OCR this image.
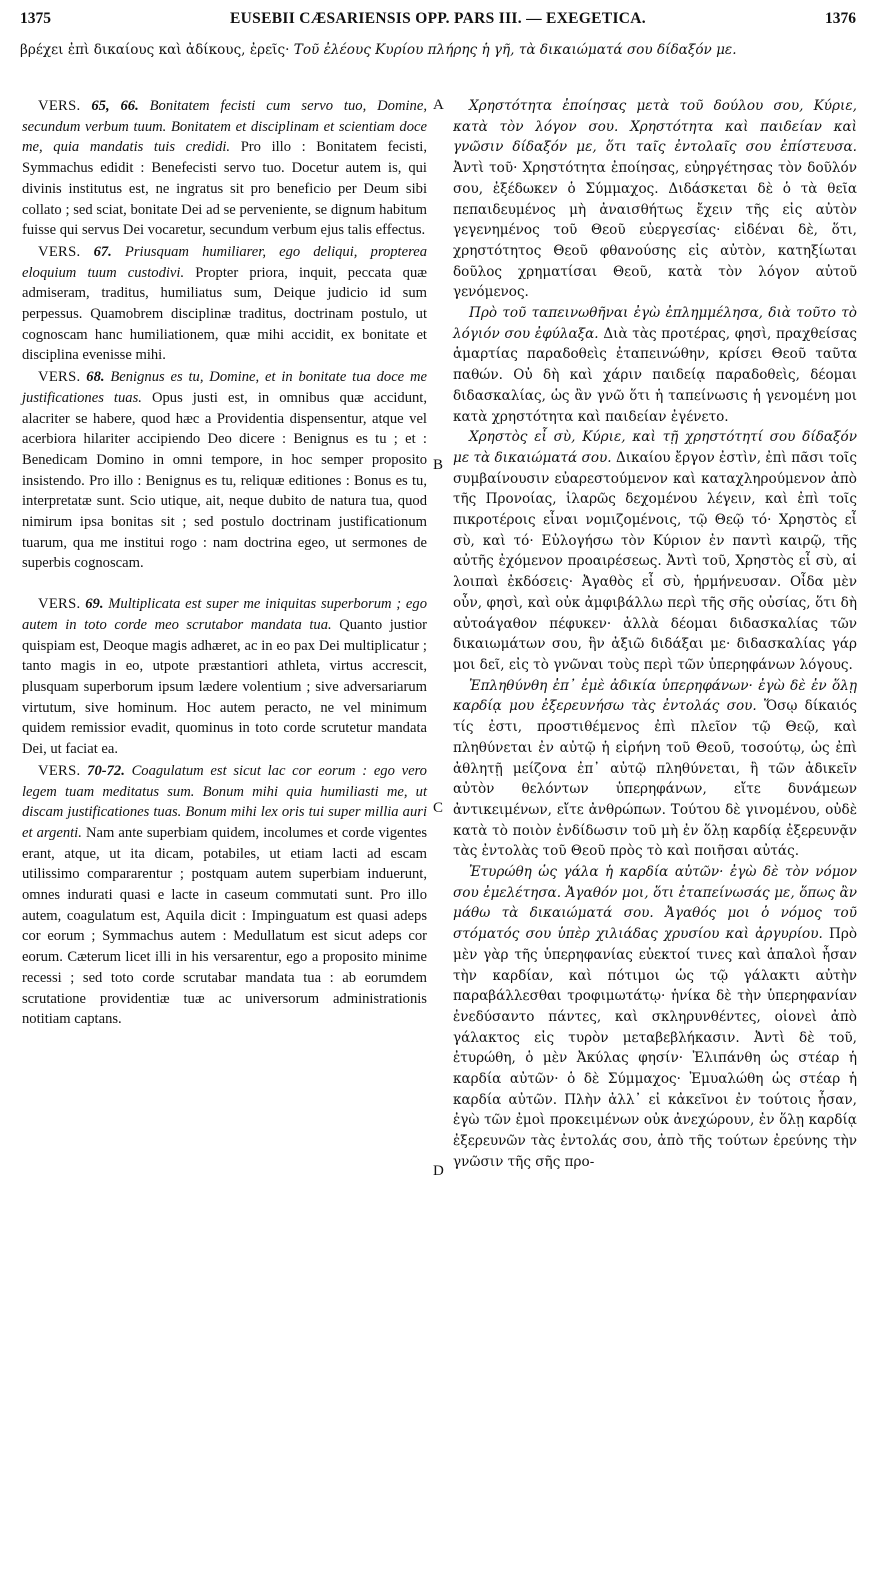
1375	EUSEBII CÆSARIENSIS OPP. PARS III. — EXEGETICA.	1376
βρέχει ἐπὶ δικαίους καὶ ἀδίκους, ἐρεῖς· Τοῦ ἐλέους Κυρίου πλήρης ἡ γῆ, τὰ δικαιώματά σου δίδαξόν με.

VERS. 65, 66. Bonitatem fecisti cum servo tuo, Domine, secundum verbum tuum. Bonitatem et disciplinam et scientiam doce me, quia mandatis tuis credidi. Pro illo : Bonitatem fecisti, Symmachus edidit : Benefecisti servo tuo. Docetur autem is, qui divinis institutus est, ne ingratus sit pro beneficio per Deum sibi collato ; sed sciat, bonitate Dei ad se perveniente, se dignum habitum fuisse qui servus Dei vocaretur, secundum verbum ejus talis effectus.

VERS. 67. Priusquam humiliarer, ego deliqui, propterea eloquium tuum custodivi. Propter priora, inquit, peccata quæ admiseram, traditus, humiliatus sum, Deique judicio id sum perpessus. Quamobrem disciplinæ traditus, doctrinam postulo, ut cognoscam hanc humiliationem, quæ mihi accidit, ex bonitate et disciplina evenisse mihi.

VERS. 68. Benignus es tu, Domine, et in bonitate tua doce me justificationes tuas. Opus justi est, in omnibus quæ accidunt, alacriter se habere, quod hæc a Providentia dispensentur, atque vel acerbiora hilariter accipiendo Deo dicere : Benignus es tu ; et : Benedicam Domino in omni tempore, in hoc semper proposito insistendo. Pro illo : Benignus es tu, reliquæ editiones : Bonus es tu, interpretatæ sunt. Scio utique, ait, neque dubito de natura tua, quod nimirum ipsa bonitas sit ; sed postulo doctrinam justificationum tuarum, qua me institui rogo : nam doctrina egeo, ut sermones de superbis cognoscam.

VERS. 69. Multiplicata est super me iniquitas superborum ; ego autem in toto corde meo scrutabor mandata tua. Quanto justior quispiam est, Deoque magis adhæret, ac in eo pax Dei multiplicatur ; tanto magis in eo, utpote præstantiori athleta, virtus accrescit, plusquam superborum ipsum lædere volentium ; sive adversariarum virtutum, sive hominum. Hoc autem peracto, ne vel minimum quidem remissior evadit, quominus in toto corde scrutetur mandata Dei, ut faciat ea.

VERS. 70-72. Coagulatum est sicut lac cor eorum : ego vero legem tuam meditatus sum. Bonum mihi quia humiliasti me, ut discam justificationes tuas. Bonum mihi lex oris tui super millia auri et argenti. Nam ante superbiam quidem, incolumes et corde vigentes erant, atque, ut ita dicam, potabiles, ut etiam lacti ad escam utilissimo compararentur ; postquam autem superbiam induerunt, omnes indurati quasi e lacte in caseum commutati sunt. Pro illo autem, coagulatum est, Aquila dicit : Impinguatum est quasi adeps cor eorum ; Symmachus autem : Medullatum est sicut adeps cor eorum. Cæterum licet illi in his versarentur, ego a proposito minime recessi ; sed toto corde scrutabar mandata tua : ab eorumdem scrutatione providentiæ tuæ ac universorum administrationis notitiam captans.

A
B
C
D

Χρηστότητα ἐποίησας μετὰ τοῦ δούλου σου, Κύριε, κατὰ τὸν λόγον σου. Χρηστότητα καὶ παιδείαν καὶ γνῶσιν δίδαξόν με, ὅτι ταῖς ἐντολαῖς σου ἐπίστευσα. Ἀντὶ τοῦ· Χρηστότητα ἐποίησας, εὐηργέτησας τὸν δοῦλόν σου, ἐξέδωκεν ὁ Σύμμαχος. Διδάσκεται δὲ ὁ τὰ θεῖα πεπαιδευμένος μὴ ἀναισθήτως ἔχειν τῆς εἰς αὐτὸν γεγενημένος τοῦ Θεοῦ εὐεργεσίας· εἰδέναι δὲ, ὅτι, χρηστότητος Θεοῦ φθανούσης εἰς αὐτὸν, κατηξίωται δοῦλος χρηματίσαι Θεοῦ, κατὰ τὸν λόγον αὐτοῦ γενόμενος.

Πρὸ τοῦ ταπεινωθῆναι ἐγὼ ἐπλημμέλησα, διὰ τοῦτο τὸ λόγιόν σου ἐφύλαξα. Διὰ τὰς προτέρας, φησὶ, πραχθείσας ἁμαρτίας παραδοθεὶς ἐταπεινώθην, κρίσει Θεοῦ ταῦτα παθών. Οὐ δὴ καὶ χάριν παιδείᾳ παραδοθεὶς, δέομαι διδασκαλίας, ὡς ἂν γνῶ ὅτι ἡ ταπείνωσις ἡ γενομένη μοι κατὰ χρηστότητα καὶ παιδείαν ἐγένετο.

Χρηστὸς εἶ σὺ, Κύριε, καὶ τῇ χρηστότητί σου δίδαξόν με τὰ δικαιώματά σου. Δικαίου ἔργον ἐστὶν, ἐπὶ πᾶσι τοῖς συμβαίνουσιν εὐαρεστούμενον καὶ καταχληρούμενον ἀπὸ τῆς Προνοίας, ἱλαρῶς δεχομένου λέγειν, καὶ ἐπὶ τοῖς πικροτέροις εἶναι νομιζομένοις, τῷ Θεῷ τό· Χρηστὸς εἶ σὺ, καὶ τό· Εὐλογήσω τὸν Κύριον ἐν παντὶ καιρῷ, τῆς αὐτῆς ἐχόμενον προαιρέσεως. Ἀντὶ τοῦ, Χρηστὸς εἶ σὺ, αἱ λοιπαὶ ἐκδόσεις· Ἀγαθὸς εἶ σὺ, ἡρμήνευσαν. Οἶδα μὲν οὖν, φησὶ, καὶ οὐκ ἀμφιβάλλω περὶ τῆς σῆς οὐσίας, ὅτι δὴ αὐτοάγαθον πέφυκεν· ἀλλὰ δέομαι διδασκαλίας τῶν δικαιωμάτων σου, ἣν ἀξιῶ διδάξαι με· διδασκαλίας γάρ μοι δεῖ, εἰς τὸ γνῶναι τοὺς περὶ τῶν ὑπερηφάνων λόγους.

Ἐπληθύνθη ἐπ᾽ ἐμὲ ἀδικία ὑπερηφάνων· ἐγὼ δὲ ἐν ὅλῃ καρδίᾳ μου ἐξερευνήσω τὰς ἐντολάς σου. Ὅσῳ δίκαιός τίς ἐστι, προστιθέμενος ἐπὶ πλεῖον τῷ Θεῷ, καὶ πληθύνεται ἐν αὐτῷ ἡ εἰρήνη τοῦ Θεοῦ, τοσούτῳ, ὡς ἐπὶ ἀθλητῇ μείζονα ἐπ᾽ αὐτῷ πληθύνεται, ἢ τῶν ἀδικεῖν αὐτὸν θελόντων ὑπερηφάνων, εἴτε δυνάμεων ἀντικειμένων, εἴτε ἀνθρώπων. Τούτου δὲ γινομένου, οὐδὲ κατὰ τὸ ποιὸν ἐνδίδωσιν τοῦ μὴ ἐν ὅλῃ καρδίᾳ ἐξερευνᾷν τὰς ἐντολὰς τοῦ Θεοῦ πρὸς τὸ καὶ ποιῆσαι αὐτάς.

Ἐτυρώθη ὡς γάλα ἡ καρδία αὐτῶν· ἐγὼ δὲ τὸν νόμον σου ἐμελέτησα. Ἀγαθόν μοι, ὅτι ἐταπείνωσάς με, ὅπως ἂν μάθω τὰ δικαιώματά σου. Ἀγαθός μοι ὁ νόμος τοῦ στόματός σου ὑπὲρ χιλιάδας χρυσίου καὶ ἀργυρίου. Πρὸ μὲν γὰρ τῆς ὑπερηφανίας εὐεκτοί τινες καὶ ἁπαλοὶ ἦσαν τὴν καρδίαν, καὶ πότιμοι ὡς τῷ γάλακτι αὐτὴν παραβάλλεσθαι τροφιμωτάτῳ· ἡνίκα δὲ τὴν ὑπερηφανίαν ἐνεδύσαντο πάντες, καὶ σκληρυνθέντες, οἱονεὶ ἀπὸ γάλακτος εἰς τυρὸν μεταβεβλήκασιν. Ἀντὶ δὲ τοῦ, ἐτυρώθη, ὁ μὲν Ἀκύλας φησίν· Ἐλιπάνθη ὡς στέαρ ἡ καρδία αὐτῶν· ὁ δὲ Σύμμαχος· Ἐμυαλώθη ὡς στέαρ ἡ καρδία αὐτῶν. Πλὴν ἀλλ᾽ εἰ κἀκεῖνοι ἐν τούτοις ἦσαν, ἐγὼ τῶν ἐμοὶ προκειμένων οὐκ ἀνεχώρουν, ἐν ὅλῃ καρδίᾳ ἐξερευνῶν τὰς ἐντολάς σου, ἀπὸ τῆς τούτων ἐρεύνης τὴν γνῶσιν τῆς σῆς προ-
